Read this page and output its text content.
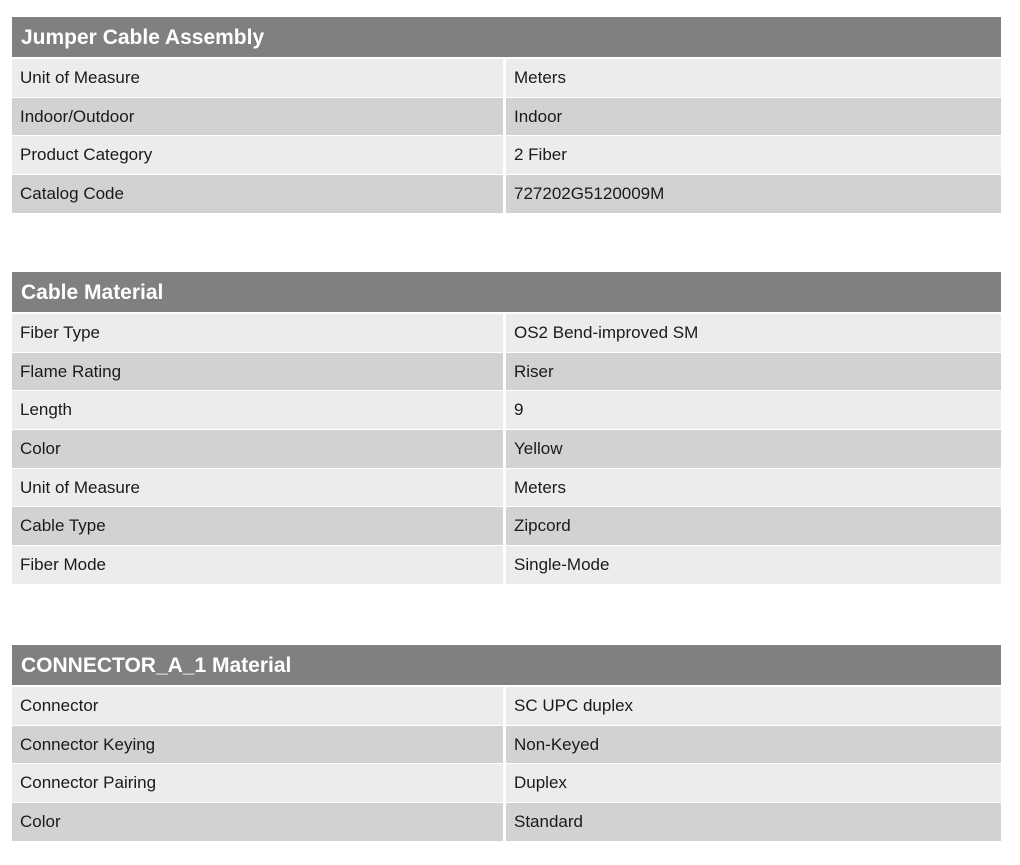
Jumper Cable Assembly
Unit of Measure	Meters
Indoor/Outdoor	Indoor
Product Category	2 Fiber
Catalog Code	727202G5120009M
Cable Material
Fiber Type	OS2 Bend-improved SM
Flame Rating	Riser
Length	9
Color	Yellow
Unit of Measure	Meters
Cable Type	Zipcord
Fiber Mode	Single-Mode
CONNECTOR_A_1 Material
Connector	SC UPC duplex
Connector Keying	Non-Keyed
Connector Pairing	Duplex
Color	Standard
